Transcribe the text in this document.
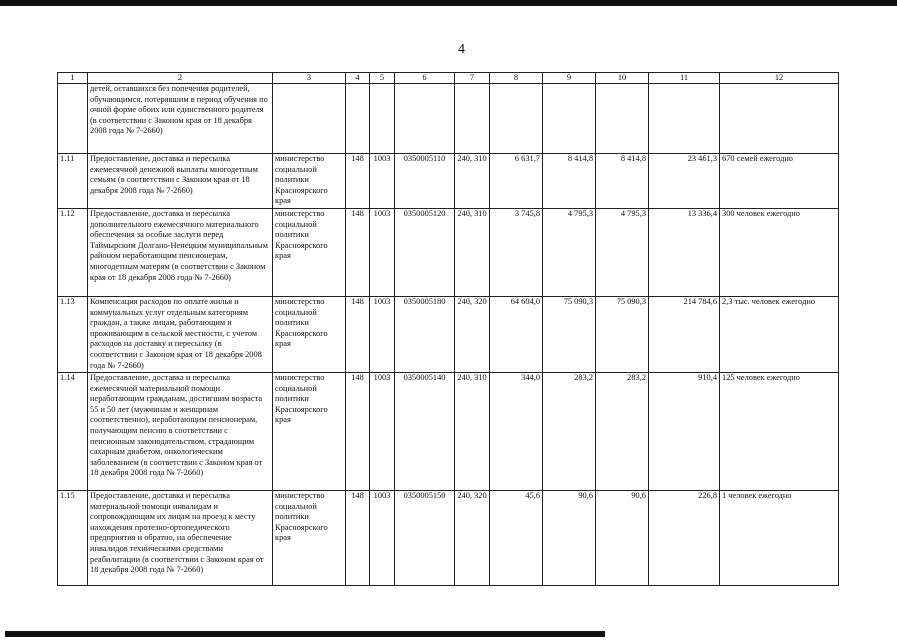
4
1	2	3	4	5	6	7	8	9	10	11	12
	детей, оставшихся без попечения родителей, обучающимся, потерявшим в период обучения по очной форме обоих или единственного родителя (в соответствии с Законом края от 18 декабря 2008 года № 7-2660)										
1.11	Предоставление, доставка и пересылка ежемесячной денежной выплаты многодетным семьям (в соответствии с Законом края от 18 декабря 2008 года № 7-2660)	министерство социальной политики Красноярского края	148	1003	0350005110	240, 310	6 631,7	8 414,8	8 414,8	23 461,3	670 семей ежегодно
1.12	Предоставление, доставка и пересылка дополнительного ежемесячного материального обеспечения за особые заслуги перед Таймырским Долгано-Ненецким муниципальным районом неработающим пенсионерам, многодетным матерям (в соответствии с Законом края от 18 декабря 2008 года № 7-2660)	министерство социальной политики Красноярского края	148	1003	0350005120	240, 310	3 745,8	4 795,3	4 795,3	13 336,4	300 человек ежегодно
1.13	Компенсация расходов по оплате жилья и коммунальных услуг отдельным категориям граждан, а также лицам, работающим и проживающим в сельской местности, с учетом расходов на доставку и пересылку (в соответствии с Законом края от 18 декабря 2008 года № 7-2660)	министерство социальной политики Красноярского края	148	1003	0350005180	240, 320	64 604,0	75 090,3	75 090,3	214 784,6	2,3 тыс. человек ежегодно
1.14	Предоставление, доставка и пересылка ежемесячной материальной помощи неработающим гражданам, достигшим возраста 55 и 50 лет (мужчинам и женщинам соответственно), неработающим пенсионерам, получающим пенсию в соответствии с пенсионным законодательством, страдающим сахарным диабетом, онкологическим заболеванием (в соответствии с Законом края от 18 декабря 2008 года № 7-2660)	министерство социальной политики Красноярского края	148	1003	0350005140	240, 310	344,0	283,2	283,2	910,4	125 человек ежегодно
1.15	Предоставление, доставка и пересылка материальной помощи инвалидам и сопровождающим их лицам на проезд к месту нахождения протезно-ортопедического предприятия и обратно, на обеспечение инвалидов техническими средствами реабилитации (в соответствии с Законом края от 18 декабря 2008 года № 7-2660)	министерство социальной политики Красноярского края	148	1003	0350005150	240, 320	45,6	90,6	90,6	226,8	1 человек ежегодно
